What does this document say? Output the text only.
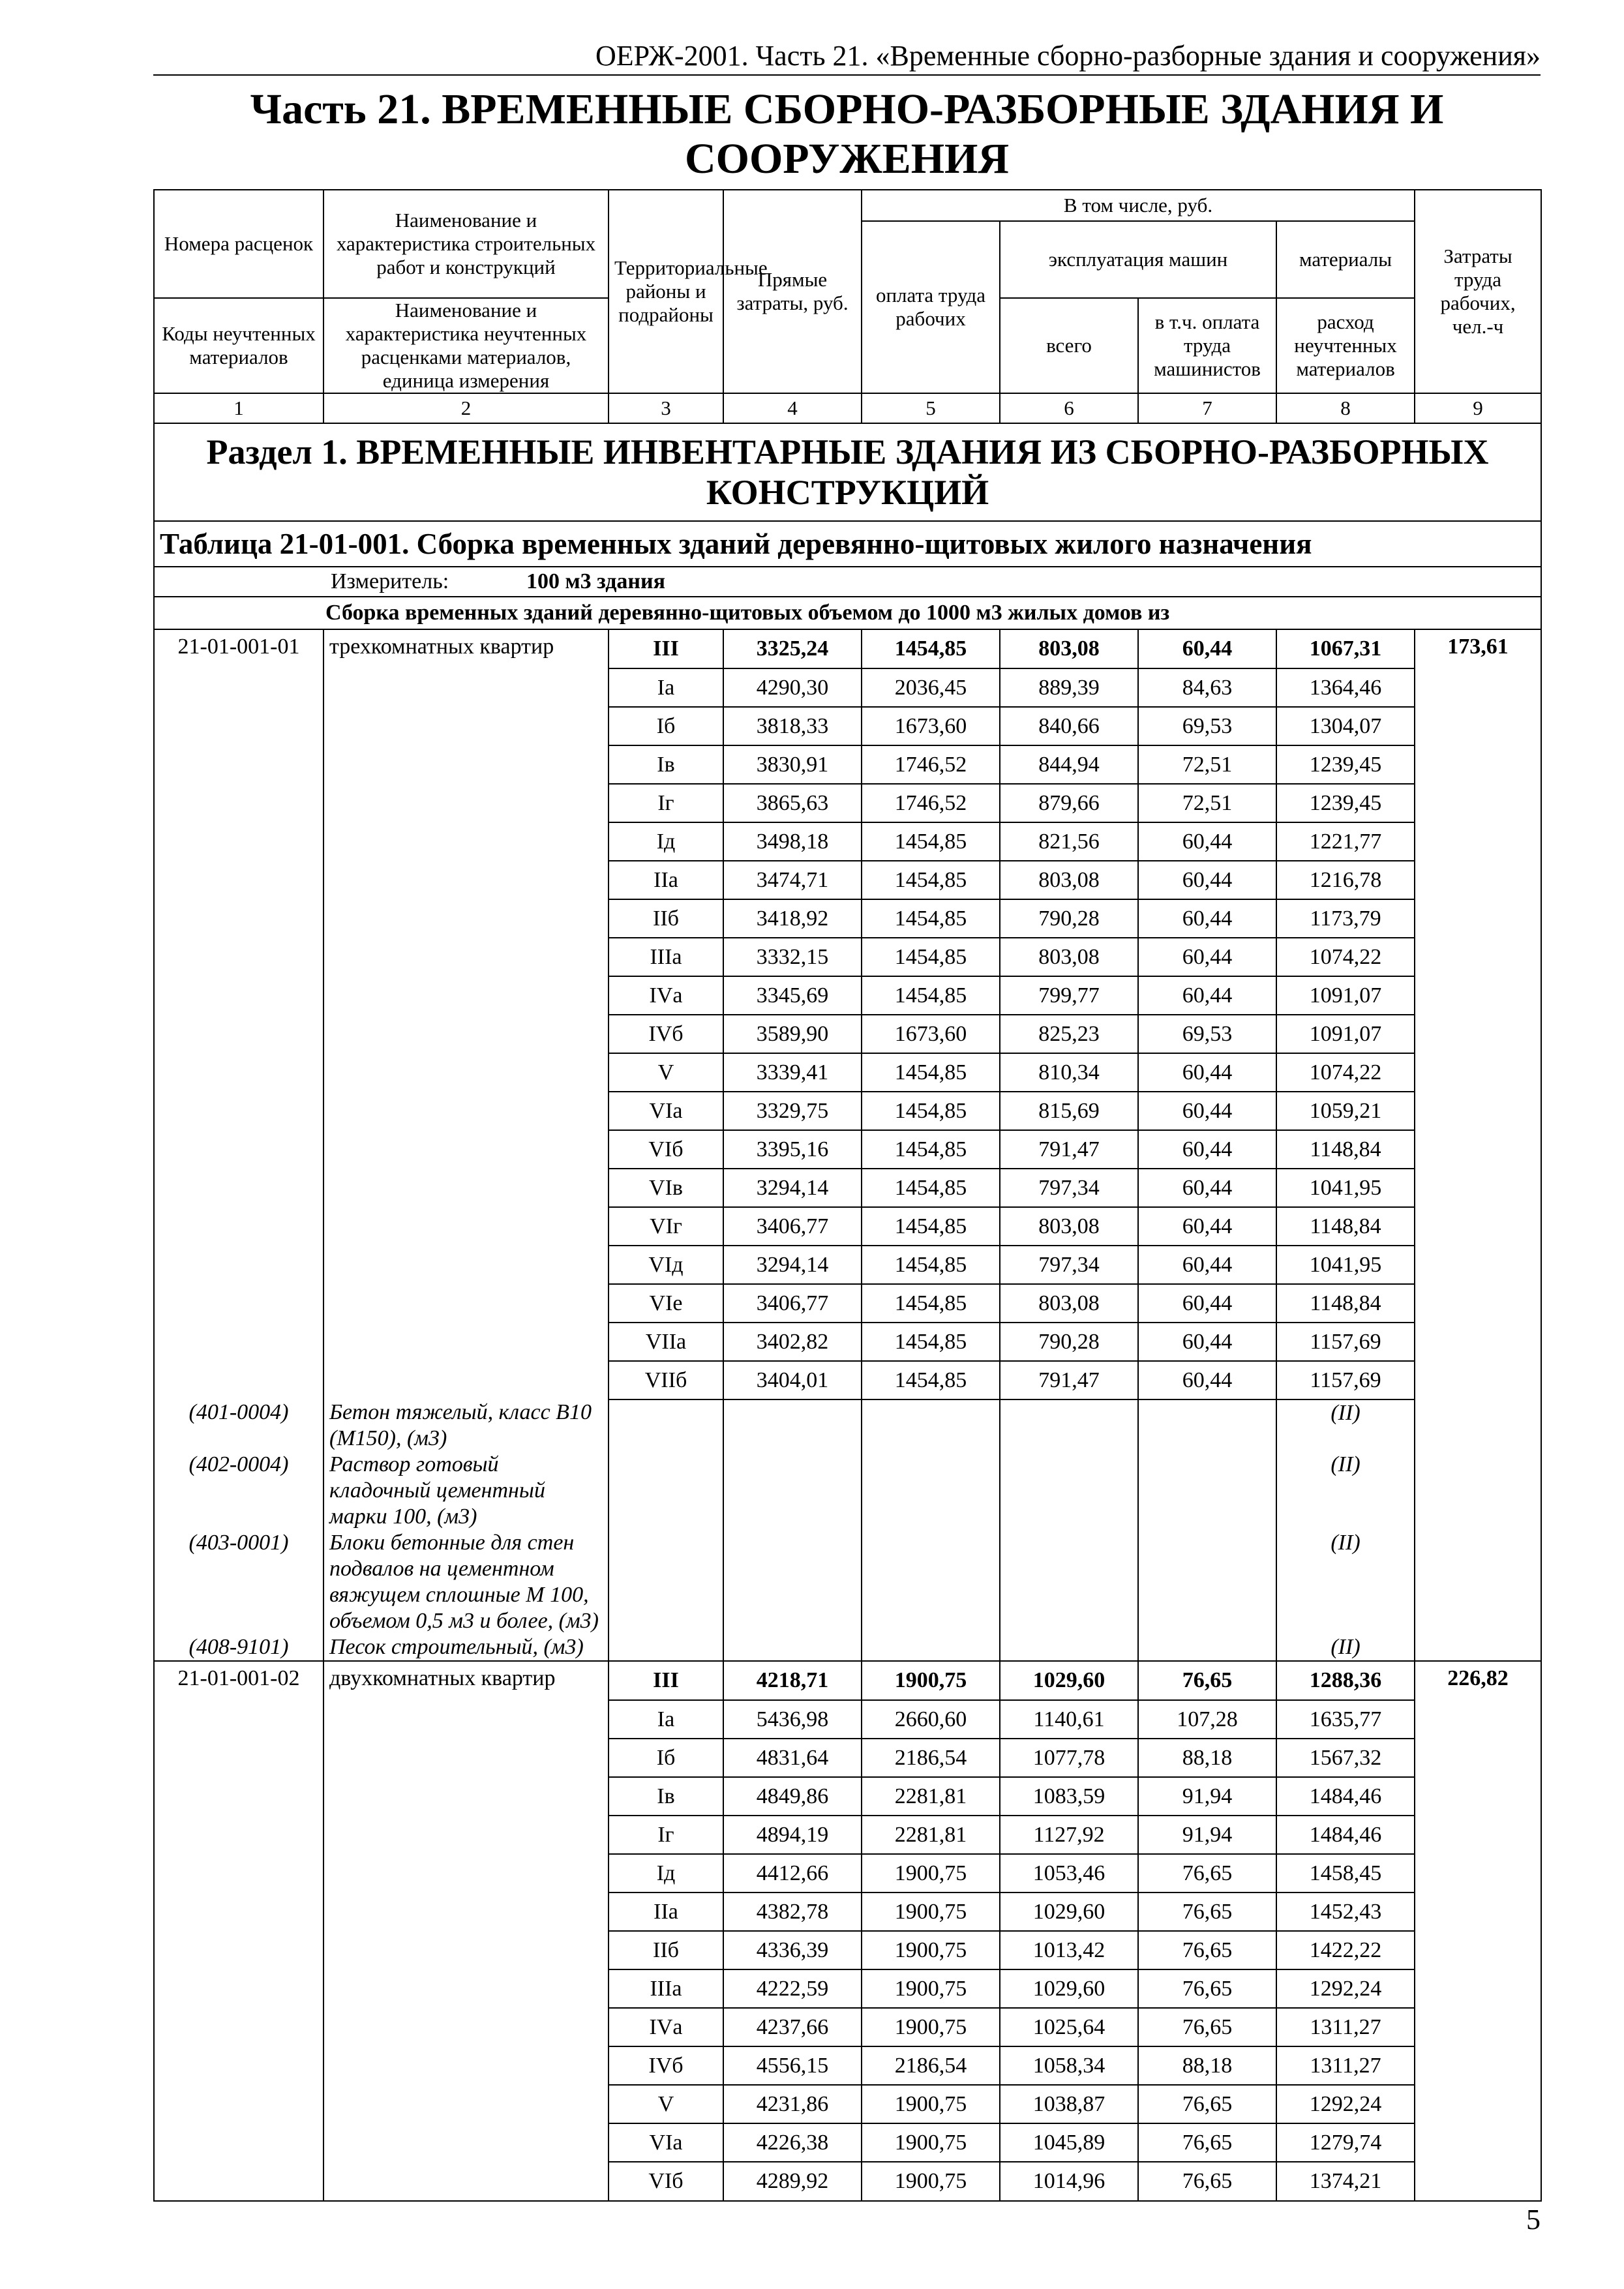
ОЕРЖ-2001. Часть 21. «Временные сборно-разборные здания и сооружения»
Часть 21. ВРЕМЕННЫЕ СБОРНО-РАЗБОРНЫЕ ЗДАНИЯ И СООРУЖЕНИЯ
Номера расценок	Наименование и характеристика строительных работ и конструкций	Территориальные районы и подрайоны	Прямые затраты, руб.	В том числе, руб.				Затраты труда рабочих, чел.-ч
				оплата труда рабочих	эксплуатация машин		материалы	
Коды неучтенных материалов	Наименование и характеристика неучтенных расценками материалов, единица измерения				всего	в т.ч. оплата труда машинистов	расход неучтенных материалов	

1	2	3	4	5	6	7	8	9
Раздел 1. ВРЕМЕННЫЕ ИНВЕНТАРНЫЕ ЗДАНИЯ ИЗ СБОРНО-РАЗБОРНЫХ КОНСТРУКЦИЙ								
Таблица 21-01-001. Сборка временных зданий деревянно-щитовых жилого назначения								
Измеритель: 100 м3 здания								
Сборка временных зданий деревянно-щитовых объемом до 1000 м3 жилых домов из								
21-01-001-01	трехкомнатных квартир	III	3325,24	1454,85	803,08	60,44	1067,31	173,61
		Iа	4290,30	2036,45	889,39	84,63	1364,46	
		Iб	3818,33	1673,60	840,66	69,53	1304,07	
		Iв	3830,91	1746,52	844,94	72,51	1239,45	
		Iг	3865,63	1746,52	879,66	72,51	1239,45	
		Iд	3498,18	1454,85	821,56	60,44	1221,77	
		IIа	3474,71	1454,85	803,08	60,44	1216,78	
		IIб	3418,92	1454,85	790,28	60,44	1173,79	
		IIIа	3332,15	1454,85	803,08	60,44	1074,22	
		IVа	3345,69	1454,85	799,77	60,44	1091,07	
		IVб	3589,90	1673,60	825,23	69,53	1091,07	
		V	3339,41	1454,85	810,34	60,44	1074,22	
		VIа	3329,75	1454,85	815,69	60,44	1059,21	
		VIб	3395,16	1454,85	791,47	60,44	1148,84	
		VIв	3294,14	1454,85	797,34	60,44	1041,95	
		VIг	3406,77	1454,85	803,08	60,44	1148,84	
		VIд	3294,14	1454,85	797,34	60,44	1041,95	
		VIе	3406,77	1454,85	803,08	60,44	1148,84	
		VIIа	3402,82	1454,85	790,28	60,44	1157,69	
		VIIб	3404,01	1454,85	791,47	60,44	1157,69	
(401-0004)	Бетон тяжелый, класс В10 (М150), (м3)						(II)	
(402-0004)	Раствор готовый кладочный цементный марки 100, (м3)						(II)	
(403-0001)	Блоки бетонные для стен подвалов на цементном вяжущем сплошные М 100, объемом 0,5 м3 и более, (м3)						(II)	
(408-9101)	Песок строительный, (м3)						(II)	
21-01-001-02	двухкомнатных квартир	III	4218,71	1900,75	1029,60	76,65	1288,36	226,82
		Iа	5436,98	2660,60	1140,61	107,28	1635,77	
		Iб	4831,64	2186,54	1077,78	88,18	1567,32	
		Iв	4849,86	2281,81	1083,59	91,94	1484,46	
		Iг	4894,19	2281,81	1127,92	91,94	1484,46	
		Iд	4412,66	1900,75	1053,46	76,65	1458,45	
		IIа	4382,78	1900,75	1029,60	76,65	1452,43	
		IIб	4336,39	1900,75	1013,42	76,65	1422,22	
		IIIа	4222,59	1900,75	1029,60	76,65	1292,24	
		IVа	4237,66	1900,75	1025,64	76,65	1311,27	
		IVб	4556,15	2186,54	1058,34	88,18	1311,27	
		V	4231,86	1900,75	1038,87	76,65	1292,24	
		VIа	4226,38	1900,75	1045,89	76,65	1279,74	
		VIб	4289,92	1900,75	1014,96	76,65	1374,21	
5
